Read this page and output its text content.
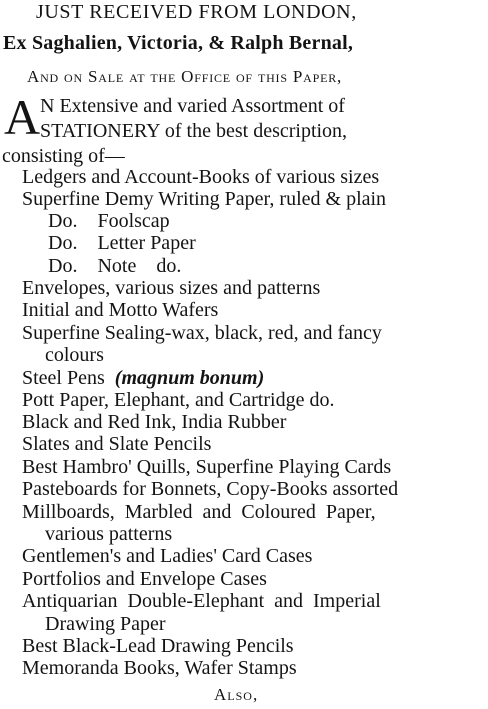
JUST RECEIVED FROM LONDON,
Ex Saghalien, Victoria, & Ralph Bernal,
And on Sale at the Office of this Paper,
A N Extensive and varied Assortment of
STATIONERY of the best description,
consisting of—
Ledgers and Account-Books of various sizes
Superfine Demy Writing Paper, ruled & plain
Do.    Foolscap
Do.    Letter Paper
Do.    Note    do.
Envelopes, various sizes and patterns
Initial and Motto Wafers
Superfine Sealing-wax, black, red, and fancy
colours
Steel Pens (magnum bonum)
Pott Paper, Elephant, and Cartridge do.
Black and Red Ink, India Rubber
Slates and Slate Pencils
Best Hambro' Quills, Superfine Playing Cards
Pasteboards for Bonnets, Copy-Books assorted
Millboards,  Marbled  and  Coloured  Paper,
various patterns
Gentlemen's and Ladies' Card Cases
Portfolios and Envelope Cases
Antiquarian  Double-Elephant  and  Imperial
Drawing Paper
Best Black-Lead Drawing Pencils
Memoranda Books, Wafer Stamps
Also,
